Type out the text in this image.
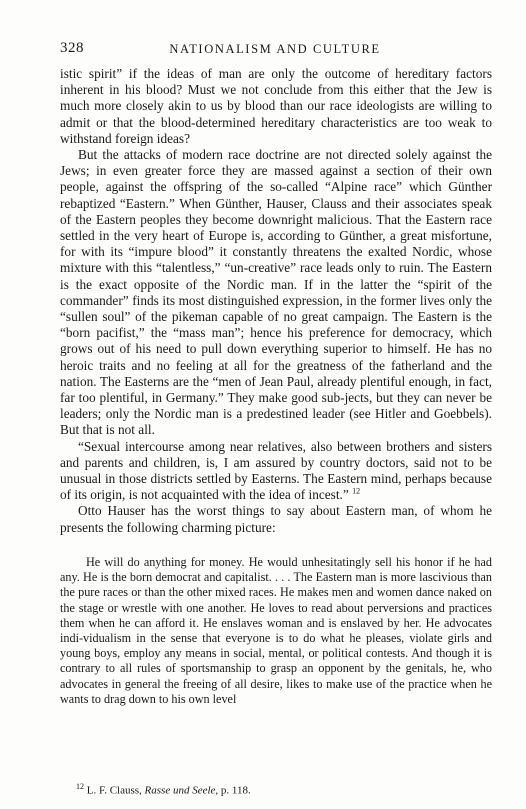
328	NATIONALISM AND CULTURE

istic spirit” if the ideas of man are only the outcome of hereditary factors inherent in his blood? Must we not conclude from this either that the Jew is much more closely akin to us by blood than our race ideologists are willing to admit or that the blood-determined hereditary characteristics are too weak to withstand foreign ideas?

But the attacks of modern race doctrine are not directed solely against the Jews; in even greater force they are massed against a section of their own people, against the offspring of the so-called “Alpine race” which Günther rebaptized “Eastern.” When Günther, Hauser, Clauss and their associates speak of the Eastern peoples they become downright malicious. That the Eastern race settled in the very heart of Europe is, according to Günther, a great misfortune, for with its “impure blood” it constantly threatens the exalted Nordic, whose mixture with this “talentless,” “un-creative” race leads only to ruin. The Eastern is the exact opposite of the Nordic man. If in the latter the “spirit of the commander” finds its most distinguished expression, in the former lives only the “sullen soul” of the pikeman capable of no great campaign. The Eastern is the “born pacifist,” the “mass man”; hence his preference for democracy, which grows out of his need to pull down everything superior to himself. He has no heroic traits and no feeling at all for the greatness of the fatherland and the nation. The Easterns are the “men of Jean Paul, already plentiful enough, in fact, far too plentiful, in Germany.” They make good sub-jects, but they can never be leaders; only the Nordic man is a predestined leader (see Hitler and Goebbels). But that is not all.

“Sexual intercourse among near relatives, also between brothers and sisters and parents and children, is, I am assured by country doctors, said not to be unusual in those districts settled by Easterns. The Eastern mind, perhaps because of its origin, is not acquainted with the idea of incest.” $^{12}$

Otto Hauser has the worst things to say about Eastern man, of whom he presents the following charming picture:

He will do anything for money. He would unhesitatingly sell his honor if he had any. He is the born democrat and capitalist. . . . The Eastern man is more lascivious than the pure races or than the other mixed races. He makes men and women dance naked on the stage or wrestle with one another. He loves to read about perversions and practices them when he can afford it. He enslaves woman and is enslaved by her. He advocates indi-vidualism in the sense that everyone is to do what he pleases, violate girls and young boys, employ any means in social, mental, or political contests. And though it is contrary to all rules of sportsmanship to grasp an opponent by the genitals, he, who advocates in general the freeing of all desire, likes to make use of the practice when he wants to drag down to his own level

$^{12}$ L. F. Clauss, Rasse und Seele, p. 118.
